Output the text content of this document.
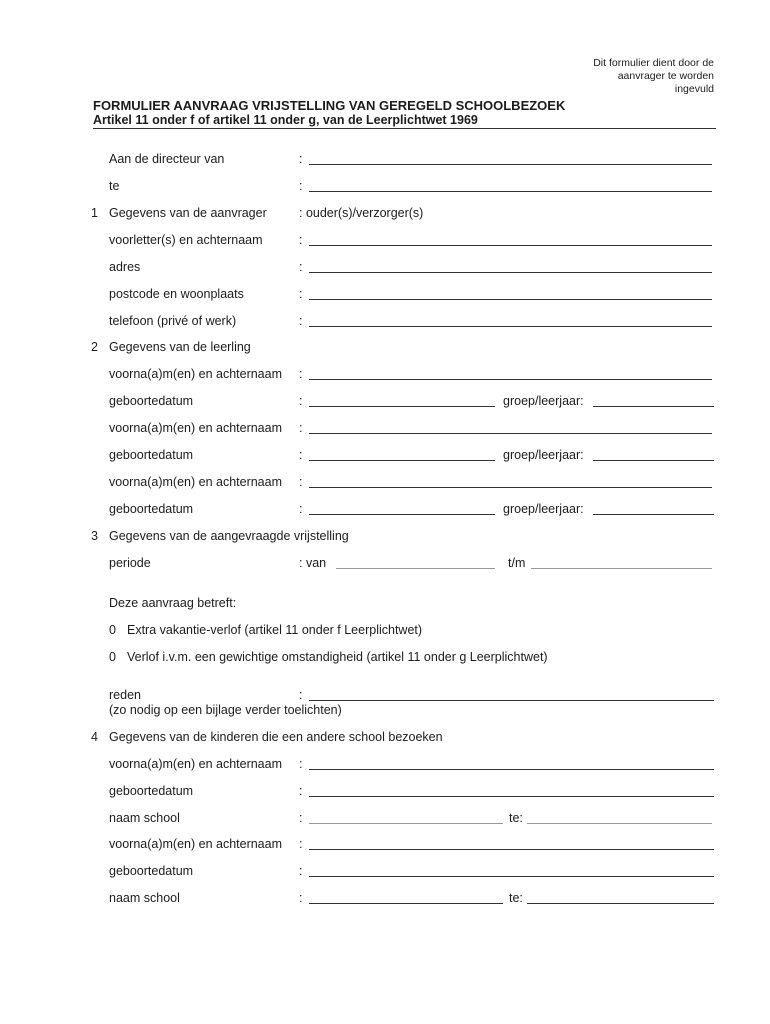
Dit formulier dient door de
aanvrager te worden
ingevuld
FORMULIER AANVRAAG VRIJSTELLING VAN GEREGELD SCHOOLBEZOEK
Artikel 11 onder f of artikel 11 onder g, van de Leerplichtwet 1969
Aan de directeur van	:
te	:
1 Gegevens van de aanvrager	: ouder(s)/verzorger(s)
voorletter(s) en achternaam	:
adres	:
postcode en woonplaats	:
telefoon (privé of werk)	:
2 Gegevens van de leerling
voorna(a)m(en) en achternaam :
geboortedatum	:	groep/leerjaar:
voorna(a)m(en) en achternaam :
geboortedatum	:	groep/leerjaar:
voorna(a)m(en) en achternaam :
geboortedatum	:	groep/leerjaar:
3 Gegevens van de aangevraagde vrijstelling
periode	: van	t/m
Deze aanvraag betreft:
0 Extra vakantie-verlof (artikel 11 onder f Leerplichtwet)
0 Verlof i.v.m. een gewichtige omstandigheid (artikel 11 onder g Leerplichtwet)
reden	:
(zo nodig op een bijlage verder toelichten)
4 Gegevens van de kinderen die een andere school bezoeken
voorna(a)m(en) en achternaam :
geboortedatum	:
naam school	:	te:
voorna(a)m(en) en achternaam :
geboortedatum	:
naam school	:	te:
